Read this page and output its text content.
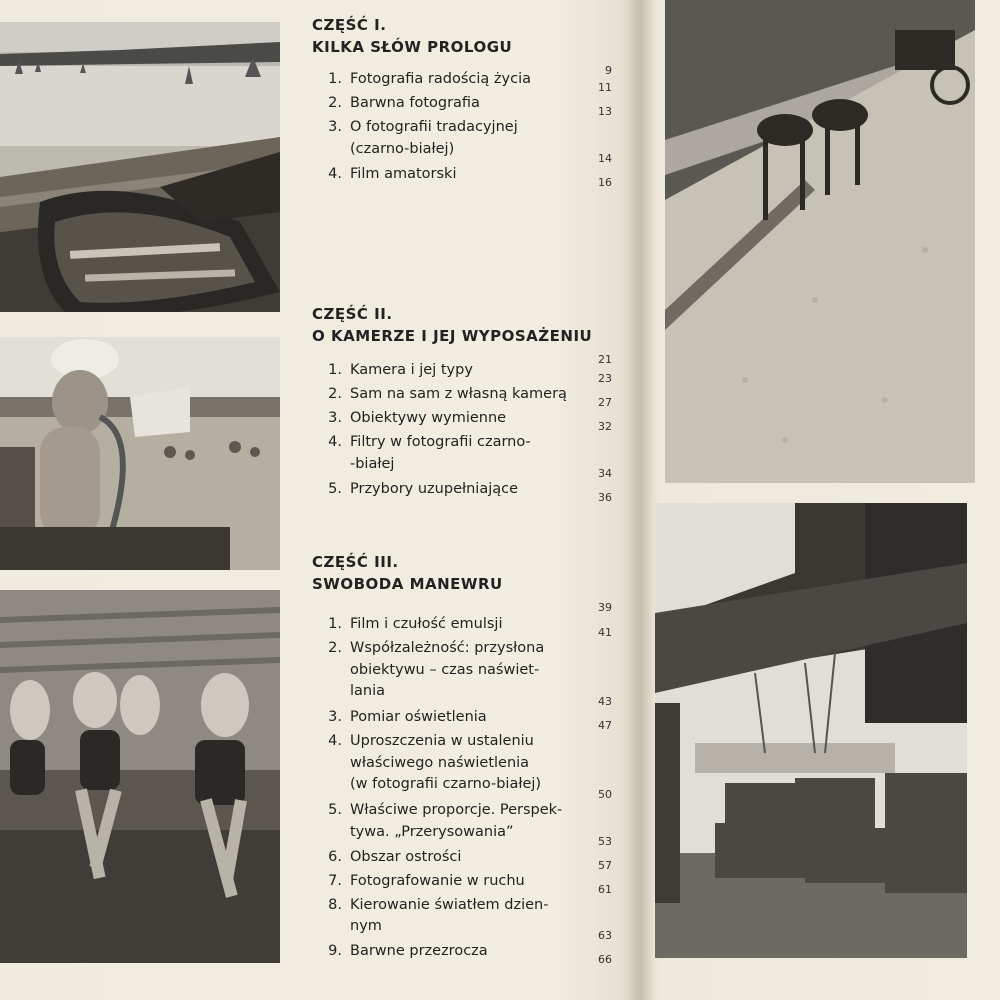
CZĘŚĆ I.
KILKA SŁÓW PROLOGU
9
1. Fotografia radością życia
11
2. Barwna fotografia
13
3. O fotografii tradacyjnej
(czarno-białej)
14
4. Film amatorski
16
CZĘŚĆ II.
O KAMERZE I JEJ WYPOSAŻENIU
21
1. Kamera i jej typy
23
2. Sam na sam z własną kamerą
27
3. Obiektywy wymienne
32
4. Filtry w fotografii czarno-
-białej
34
5. Przybory uzupełniające
36
CZĘŚĆ III.
SWOBODA MANEWRU
39
1. Film i czułość emulsji
41
2. Współzależność: przysłona
obiektywu – czas naświet-
lania
43
3. Pomiar oświetlenia
47
4. Uproszczenia w ustaleniu
właściwego naświetlenia
(w fotografii czarno-białej)
50
5. Właściwe proporcje. Perspek-
tywa. „Przerysowania”
53
6. Obszar ostrości
57
7. Fotografowanie w ruchu
61
8. Kierowanie światłem dzien-
nym
63
9. Barwne przezrocza
66
